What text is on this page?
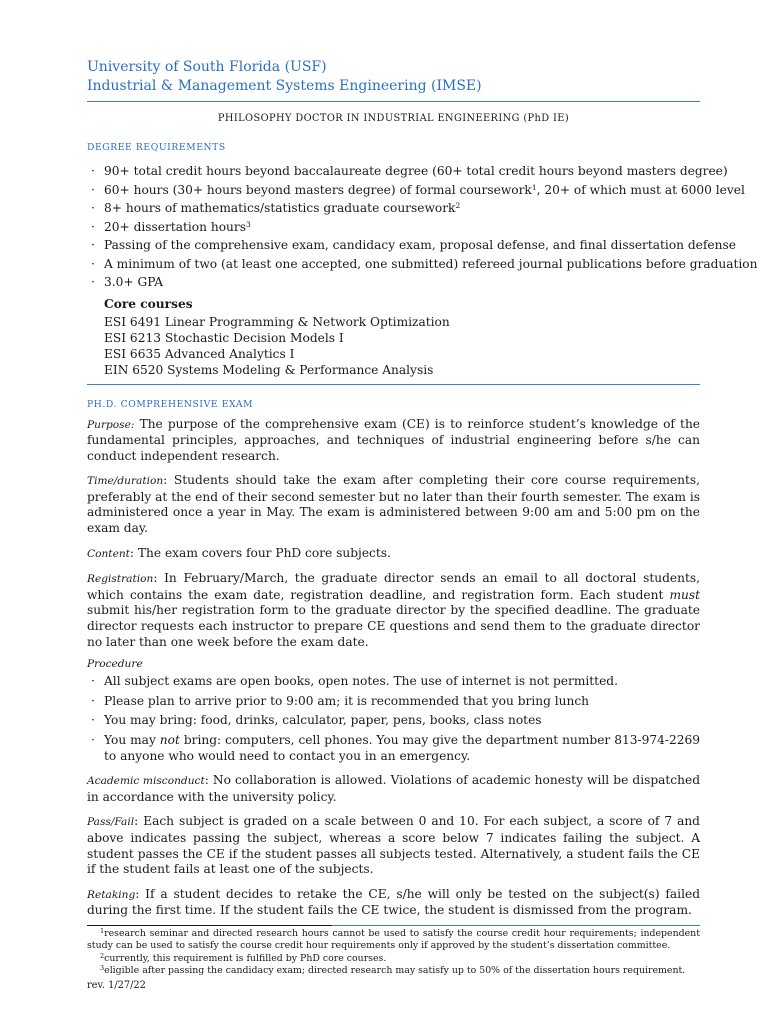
University of South Florida (USF)
Industrial & Management Systems Engineering (IMSE)
PHILOSOPHY DOCTOR IN INDUSTRIAL ENGINEERING (PhD IE)
DEGREE REQUIREMENTS
· 90+ total credit hours beyond baccalaureate degree (60+ total credit hours beyond masters degree)
· 60+ hours (30+ hours beyond masters degree) of formal coursework$^1$, 20+ of which must at 6000 level
· 8+ hours of mathematics/statistics graduate coursework$^2$
· 20+ dissertation hours$^3$
· Passing of the comprehensive exam, candidacy exam, proposal defense, and final dissertation defense
· A minimum of two (at least one accepted, one submitted) refereed journal publications before graduation
· 3.0+ GPA
Core courses
ESI 6491 Linear Programming & Network Optimization
ESI 6213 Stochastic Decision Models I
ESI 6635 Advanced Analytics I
EIN 6520 Systems Modeling & Performance Analysis
PH.D. COMPREHENSIVE EXAM
Purpose: The purpose of the comprehensive exam (CE) is to reinforce student’s knowledge of the fundamental principles, approaches, and techniques of industrial engineering before s/he can conduct independent research.
Time/duration: Students should take the exam after completing their core course requirements, preferably at the end of their second semester but no later than their fourth semester. The exam is administered once a year in May. The exam is administered between 9:00 am and 5:00 pm on the exam day.
Content: The exam covers four PhD core subjects.
Registration: In February/March, the graduate director sends an email to all doctoral students, which contains the exam date, registration deadline, and registration form. Each student must submit his/her registration form to the graduate director by the specified deadline. The graduate director requests each instructor to prepare CE questions and send them to the graduate director no later than one week before the exam date.
Procedure
· All subject exams are open books, open notes. The use of internet is not permitted.
· Please plan to arrive prior to 9:00 am; it is recommended that you bring lunch
· You may bring: food, drinks, calculator, paper, pens, books, class notes
· You may not bring: computers, cell phones. You may give the department number 813-974-2269 to anyone who would need to contact you in an emergency.
Academic misconduct: No collaboration is allowed. Violations of academic honesty will be dispatched in accordance with the university policy.
Pass/Fail: Each subject is graded on a scale between 0 and 10. For each subject, a score of 7 and above indicates passing the subject, whereas a score below 7 indicates failing the subject. A student passes the CE if the student passes all subjects tested. Alternatively, a student fails the CE if the student fails at least one of the subjects.
Retaking: If a student decides to retake the CE, s/he will only be tested on the subject(s) failed during the first time. If the student fails the CE twice, the student is dismissed from the program.
$^1$research seminar and directed research hours cannot be used to satisfy the course credit hour requirements; independent study can be used to satisfy the course credit hour requirements only if approved by the student’s dissertation committee.
$^2$currently, this requirement is fulfilled by PhD core courses.
$^3$eligible after passing the candidacy exam; directed research may satisfy up to 50% of the dissertation hours requirement.
rev. 1/27/22
